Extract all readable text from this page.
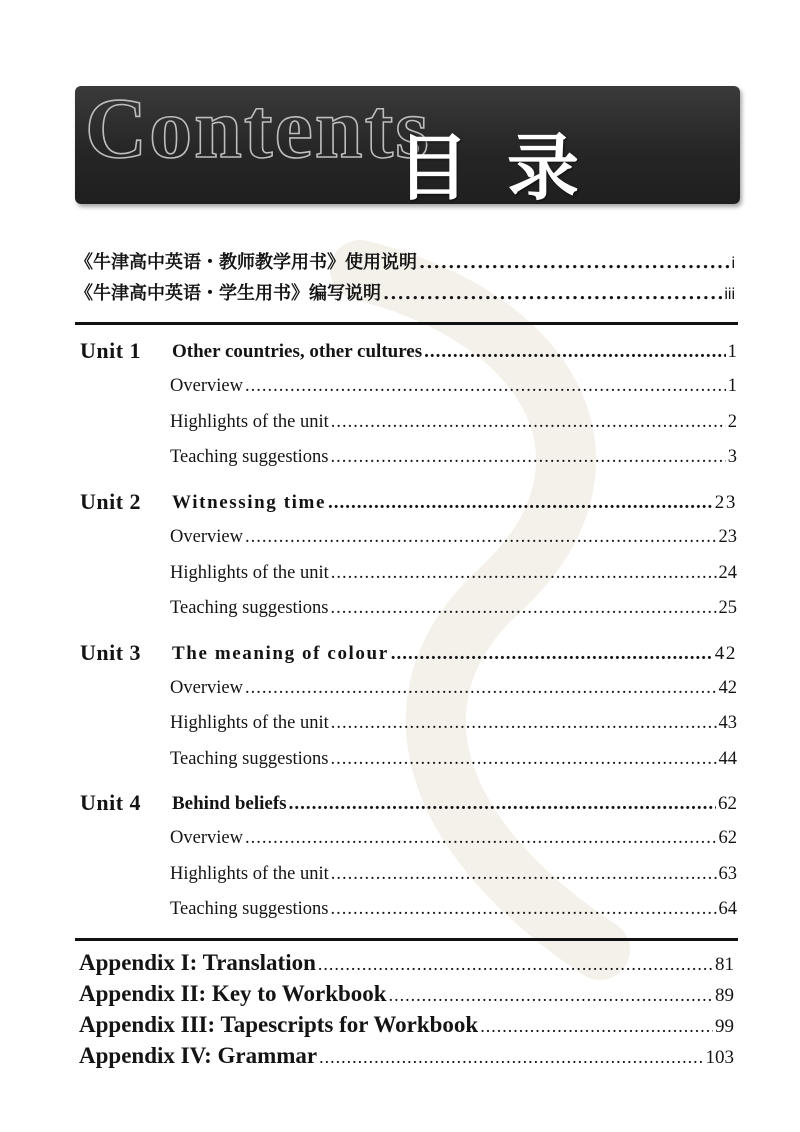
Contents
目录
《牛津高中英语・教师教学用书》使用说明 .....	i
《牛津高中英语・学生用书》编写说明 .....	iii
Unit 1 Other countries, other cultures .....	1
Overview .....	1
Highlights of the unit .....	2
Teaching suggestions .....	3
Unit 2 Witnessing time .....	23
Overview .....	23
Highlights of the unit .....	24
Teaching suggestions .....	25
Unit 3 The meaning of colour .....	42
Overview .....	42
Highlights of the unit .....	43
Teaching suggestions .....	44
Unit 4 Behind beliefs .....	62
Overview .....	62
Highlights of the unit .....	63
Teaching suggestions .....	64
Appendix I: Translation .....	81
Appendix II: Key to Workbook .....	89
Appendix III: Tapescripts for Workbook .....	99
Appendix IV: Grammar .....	103
